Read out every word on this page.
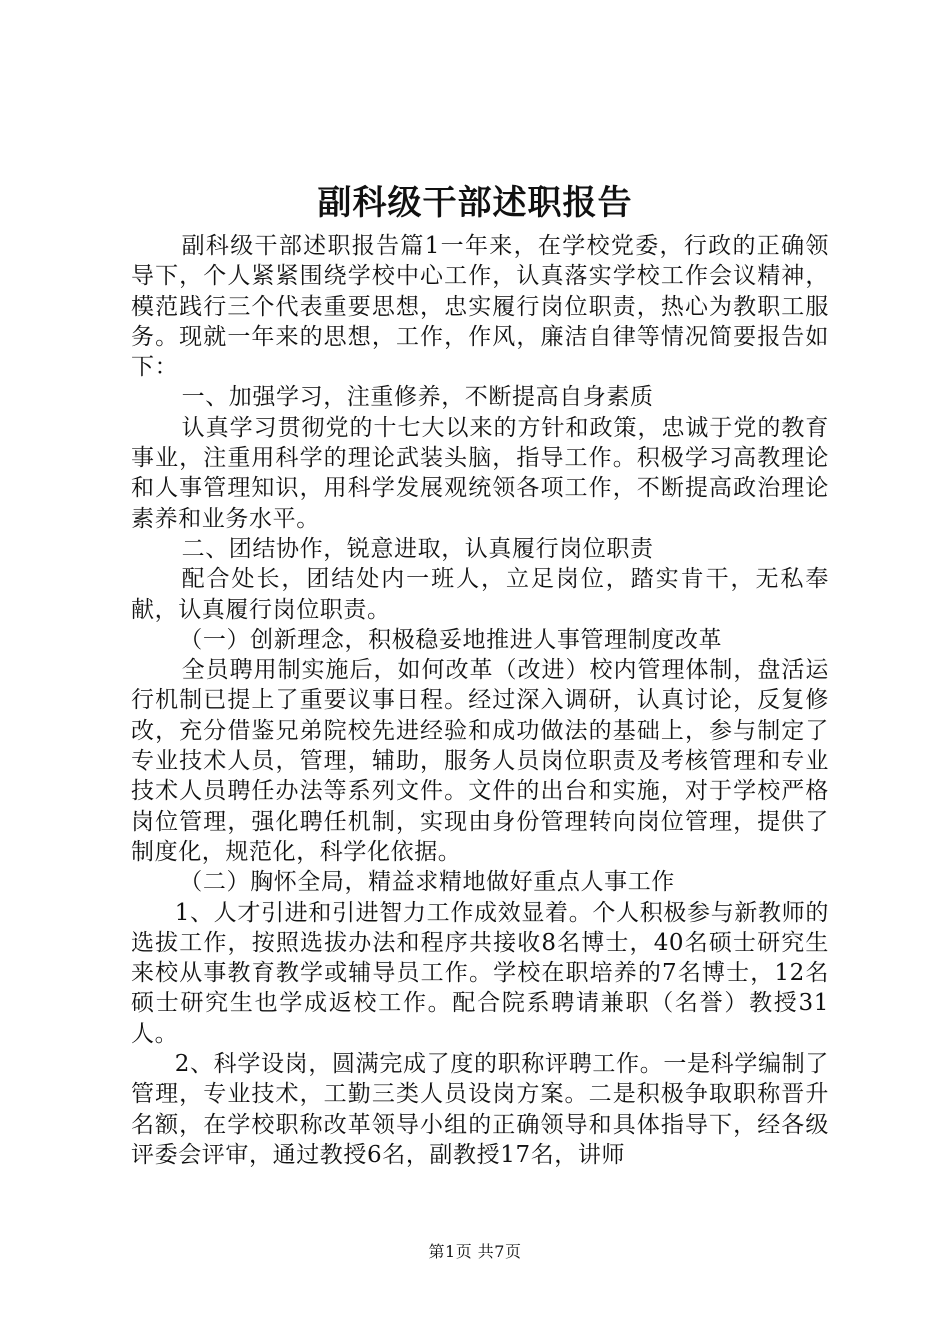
副科级干部述职报告

副科级干部述职报告篇1一年来，在学校党委，行政的正确领导下，个人紧紧围绕学校中心工作，认真落实学校工作会议精神，模范践行三个代表重要思想，忠实履行岗位职责，热心为教职工服务。现就一年来的思想，工作，作风，廉洁自律等情况简要报告如下：

一、加强学习，注重修养，不断提高自身素质

认真学习贯彻党的十七大以来的方针和政策，忠诚于党的教育事业，注重用科学的理论武装头脑，指导工作。积极学习高教理论和人事管理知识，用科学发展观统领各项工作，不断提高政治理论素养和业务水平。

二、团结协作，锐意进取，认真履行岗位职责

配合处长，团结处内一班人，立足岗位，踏实肯干，无私奉献，认真履行岗位职责。

（一）创新理念，积极稳妥地推进人事管理制度改革

全员聘用制实施后，如何改革（改进）校内管理体制，盘活运行机制已提上了重要议事日程。经过深入调研，认真讨论，反复修改，充分借鉴兄弟院校先进经验和成功做法的基础上，参与制定了专业技术人员，管理，辅助，服务人员岗位职责及考核管理和专业技术人员聘任办法等系列文件。文件的出台和实施，对于学校严格岗位管理，强化聘任机制，实现由身份管理转向岗位管理，提供了制度化，规范化，科学化依据。

（二）胸怀全局，精益求精地做好重点人事工作

1、人才引进和引进智力工作成效显着。个人积极参与新教师的选拔工作，按照选拔办法和程序共接收8名博士，40名硕士研究生来校从事教育教学或辅导员工作。学校在职培养的7名博士，12名硕士研究生也学成返校工作。配合院系聘请兼职（名誉）教授31人。

2、科学设岗，圆满完成了度的职称评聘工作。一是科学编制了管理，专业技术，工勤三类人员设岗方案。二是积极争取职称晋升名额，在学校职称改革领导小组的正确领导和具体指导下，经各级评委会评审，通过教授6名，副教授17名，讲师

第1页 共7页
